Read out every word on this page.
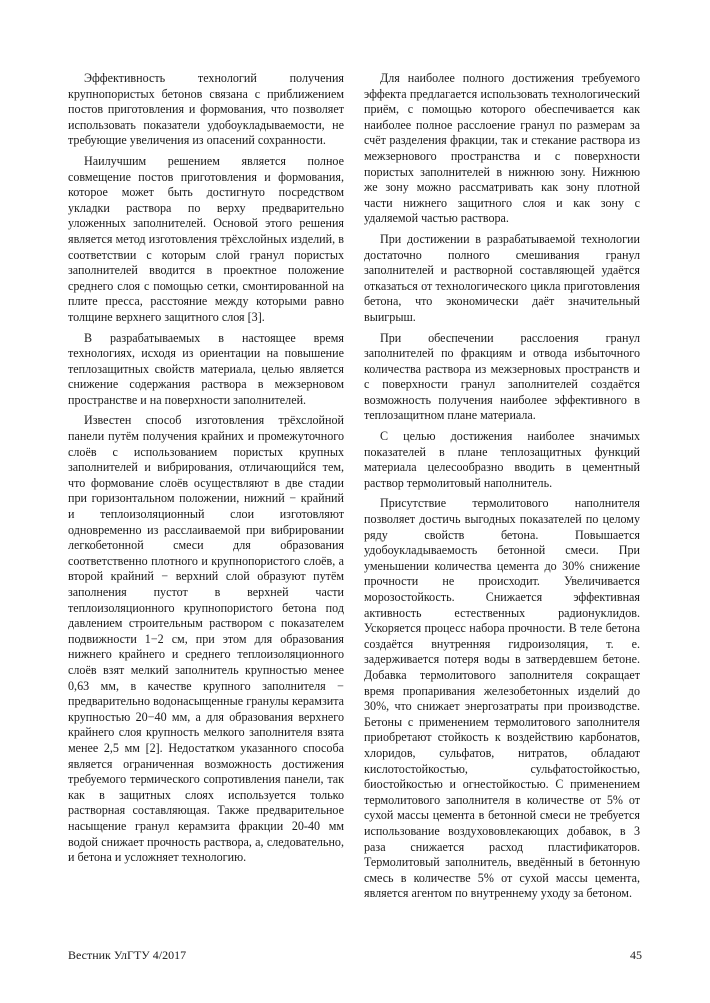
Эффективность технологий получения крупнопористых бетонов связана с приближением постов приготовления и формования, что позволяет использовать показатели удобоукладываемости, не требующие увеличения из опасений сохранности.

Наилучшим решением является полное совмещение постов приготовления и формования, которое может быть достигнуто посредством укладки раствора по верху предварительно уложенных заполнителей. Основой этого решения является метод изготовления трёхслойных изделий, в соответствии с которым слой гранул пористых заполнителей вводится в проектное положение среднего слоя с помощью сетки, смонтированной на плите пресса, расстояние между которыми равно толщине верхнего защитного слоя [3].

В разрабатываемых в настоящее время технологиях, исходя из ориентации на повышение теплозащитных свойств материала, целью является снижение содержания раствора в межзерновом пространстве и на поверхности заполнителей.

Известен способ изготовления трёхслойной панели путём получения крайних и промежуточного слоёв с использованием пористых крупных заполнителей и вибрирования, отличающийся тем, что формование слоёв осуществляют в две стадии при горизонтальном положении, нижний − крайний и теплоизоляционный слои изготовляют одновременно из расслаиваемой при вибрировании легкобетонной смеси для образования соответственно плотного и крупнопористого слоёв, а второй крайний − верхний слой образуют путём заполнения пустот в верхней части теплоизоляционного крупнопористого бетона под давлением строительным раствором с показателем подвижности 1−2 см, при этом для образования нижнего крайнего и среднего теплоизоляционного слоёв взят мелкий заполнитель крупностью менее 0,63 мм, в качестве крупного заполнителя − предварительно водонасыщенные гранулы керамзита крупностью 20−40 мм, а для образования верхнего крайнего слоя крупность мелкого заполнителя взята менее 2,5 мм [2]. Недостатком указанного способа является ограниченная возможность достижения требуемого термического сопротивления панели, так как в защитных слоях используется только растворная составляющая. Также предварительное насыщение гранул керамзита фракции 20-40 мм водой снижает прочность раствора, а, следовательно, и бетона и усложняет технологию.

Для наиболее полного достижения требуемого эффекта предлагается использовать технологический приём, с помощью которого обеспечивается как наиболее полное расслоение гранул по размерам за счёт разделения фракции, так и стекание раствора из межзернового пространства и с поверхности пористых заполнителей в нижнюю зону. Нижнюю же зону можно рассматривать как зону плотной части нижнего защитного слоя и как зону с удаляемой частью раствора.

При достижении в разрабатываемой технологии достаточно полного смешивания гранул заполнителей и растворной составляющей удаётся отказаться от технологического цикла приготовления бетона, что экономически даёт значительный выигрыш.

При обеспечении расслоения гранул заполнителей по фракциям и отвода избыточного количества раствора из межзерновых пространств и с поверхности гранул заполнителей создаётся возможность получения наиболее эффективного в теплозащитном плане материала.

С целью достижения наиболее значимых показателей в плане теплозащитных функций материала целесообразно вводить в цементный раствор термолитовый наполнитель.

Присутствие термолитового наполнителя позволяет достичь выгодных показателей по целому ряду свойств бетона. Повышается удобоукладываемость бетонной смеси. При уменьшении количества цемента до 30% снижение прочности не происходит. Увеличивается морозостойкость. Снижается эффективная активность естественных радионуклидов. Ускоряется процесс набора прочности. В теле бетона создаётся внутренняя гидроизоляция, т. е. задерживается потеря воды в затвердевшем бетоне. Добавка термолитового заполнителя сокращает время пропаривания железобетонных изделий до 30%, что снижает энергозатраты при производстве. Бетоны с применением термолитового заполнителя приобретают стойкость к воздействию карбонатов, хлоридов, сульфатов, нитратов, обладают кислотостойкостью, сульфатостойкостью, биостойкостью и огнестойкостью. С применением термолитового заполнителя в количестве от 5% от сухой массы цемента в бетонной смеси не требуется использование воздухововлекающих добавок, в 3 раза снижается расход пластификаторов. Термолитовый заполнитель, введённый в бетонную смесь в количестве 5% от сухой массы цемента, является агентом по внутреннему уходу за бетоном.

Вестник УлГТУ 4/2017	45
